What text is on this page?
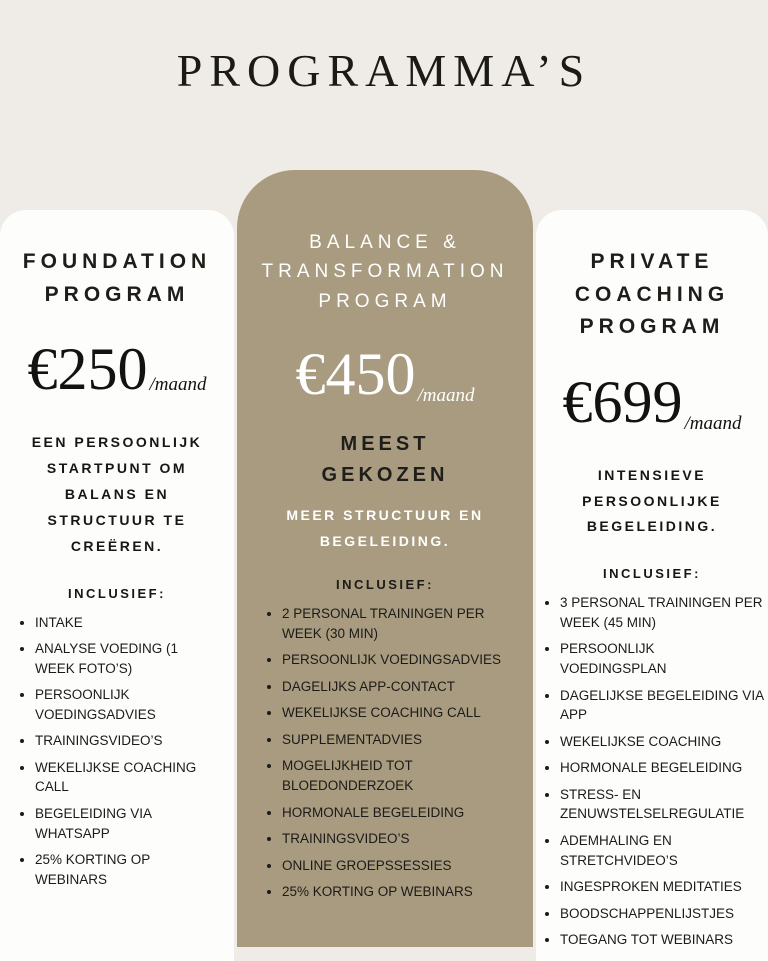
PROGRAMMA’S
FOUNDATION
PROGRAM
€250 /maand

EEN PERSOONLIJK STARTPUNT OM BALANS EN STRUCTUUR TE CREËREN.

INCLUSIEF:
• INTAKE
• ANALYSE VOEDING (1 WEEK FOTO’S)
• PERSOONLIJK VOEDINGSADVIES
• TRAININGSVIDEO’S
• WEKELIJKSE COACHING CALL
• BEGELEIDING VIA WHATSAPP
• 25% KORTING OP WEBINARS
BALANCE &
TRANSFORMATION
PROGRAM
€450 /maand
MEEST
GEKOZEN

MEER STRUCTUUR EN BEGELEIDING.

INCLUSIEF:
• 2 PERSONAL TRAININGEN PER WEEK (30 MIN)
• PERSOONLIJK VOEDINGSADVIES
• DAGELIJKS APP-CONTACT
• WEKELIJKSE COACHING CALL
• SUPPLEMENTADVIES
• MOGELIJKHEID TOT BLOEDONDERZOEK
• HORMONALE BEGELEIDING
• TRAININGSVIDEO’S
• ONLINE GROEPSSESSIES
• 25% KORTING OP WEBINARS
PRIVATE
COACHING
PROGRAM
€699 /maand

INTENSIEVE PERSOONLIJKE BEGELEIDING.

INCLUSIEF:
• 3 PERSONAL TRAININGEN PER WEEK (45 MIN)
• PERSOONLIJK VOEDINGSPLAN
• DAGELIJKSE BEGELEIDING VIA APP
• WEKELIJKSE COACHING
• HORMONALE BEGELEIDING
• STRESS- EN ZENUWSTELSELREGULATIE
• ADEMHALING EN STRETCHVIDEO’S
• INGESPROKEN MEDITATIES
• BOODSCHAPPENLIJSTJES
• TOEGANG TOT WEBINARS
